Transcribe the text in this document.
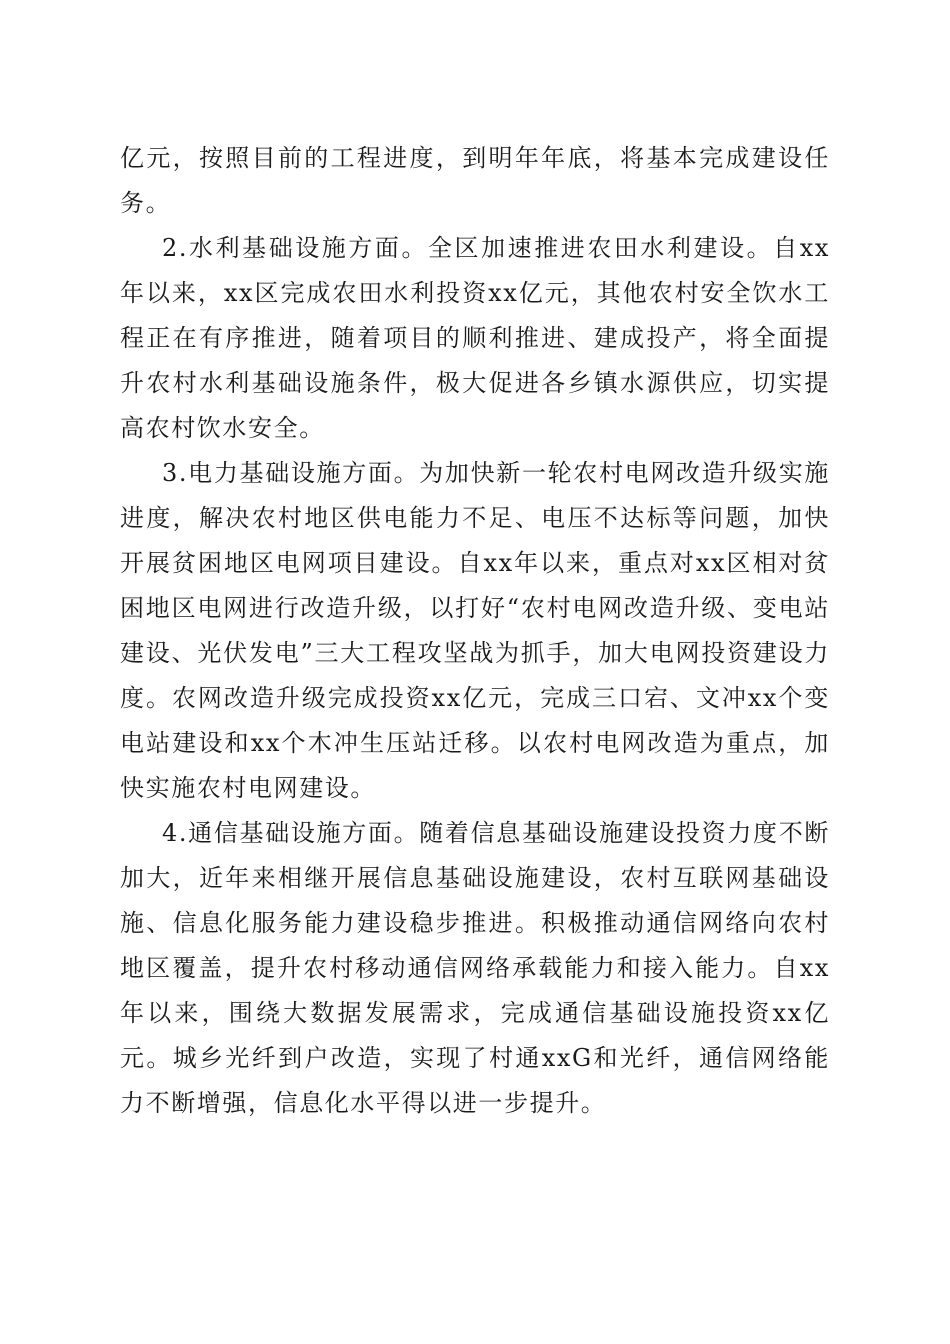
亿元，按照目前的工程进度，到明年年底，将基本完成建设任务。

2.水利基础设施方面。全区加速推进农田水利建设。自xx年以来，xx区完成农田水利投资xx亿元，其他农村安全饮水工程正在有序推进，随着项目的顺利推进、建成投产，将全面提升农村水利基础设施条件，极大促进各乡镇水源供应，切实提高农村饮水安全。

3.电力基础设施方面。为加快新一轮农村电网改造升级实施进度，解决农村地区供电能力不足、电压不达标等问题，加快开展贫困地区电网项目建设。自xx年以来，重点对xx区相对贫困地区电网进行改造升级，以打好“农村电网改造升级、变电站建设、光伏发电”三大工程攻坚战为抓手，加大电网投资建设力度。农网改造升级完成投资xx亿元，完成三口宕、文冲xx个变电站建设和xx个木冲生压站迁移。以农村电网改造为重点，加快实施农村电网建设。

4.通信基础设施方面。随着信息基础设施建设投资力度不断加大，近年来相继开展信息基础设施建设，农村互联网基础设施、信息化服务能力建设稳步推进。积极推动通信网络向农村地区覆盖，提升农村移动通信网络承载能力和接入能力。自xx年以来，围绕大数据发展需求，完成通信基础设施投资xx亿元。城乡光纤到户改造，实现了村通xxG和光纤，通信网络能力不断增强，信息化水平得以进一步提升。
